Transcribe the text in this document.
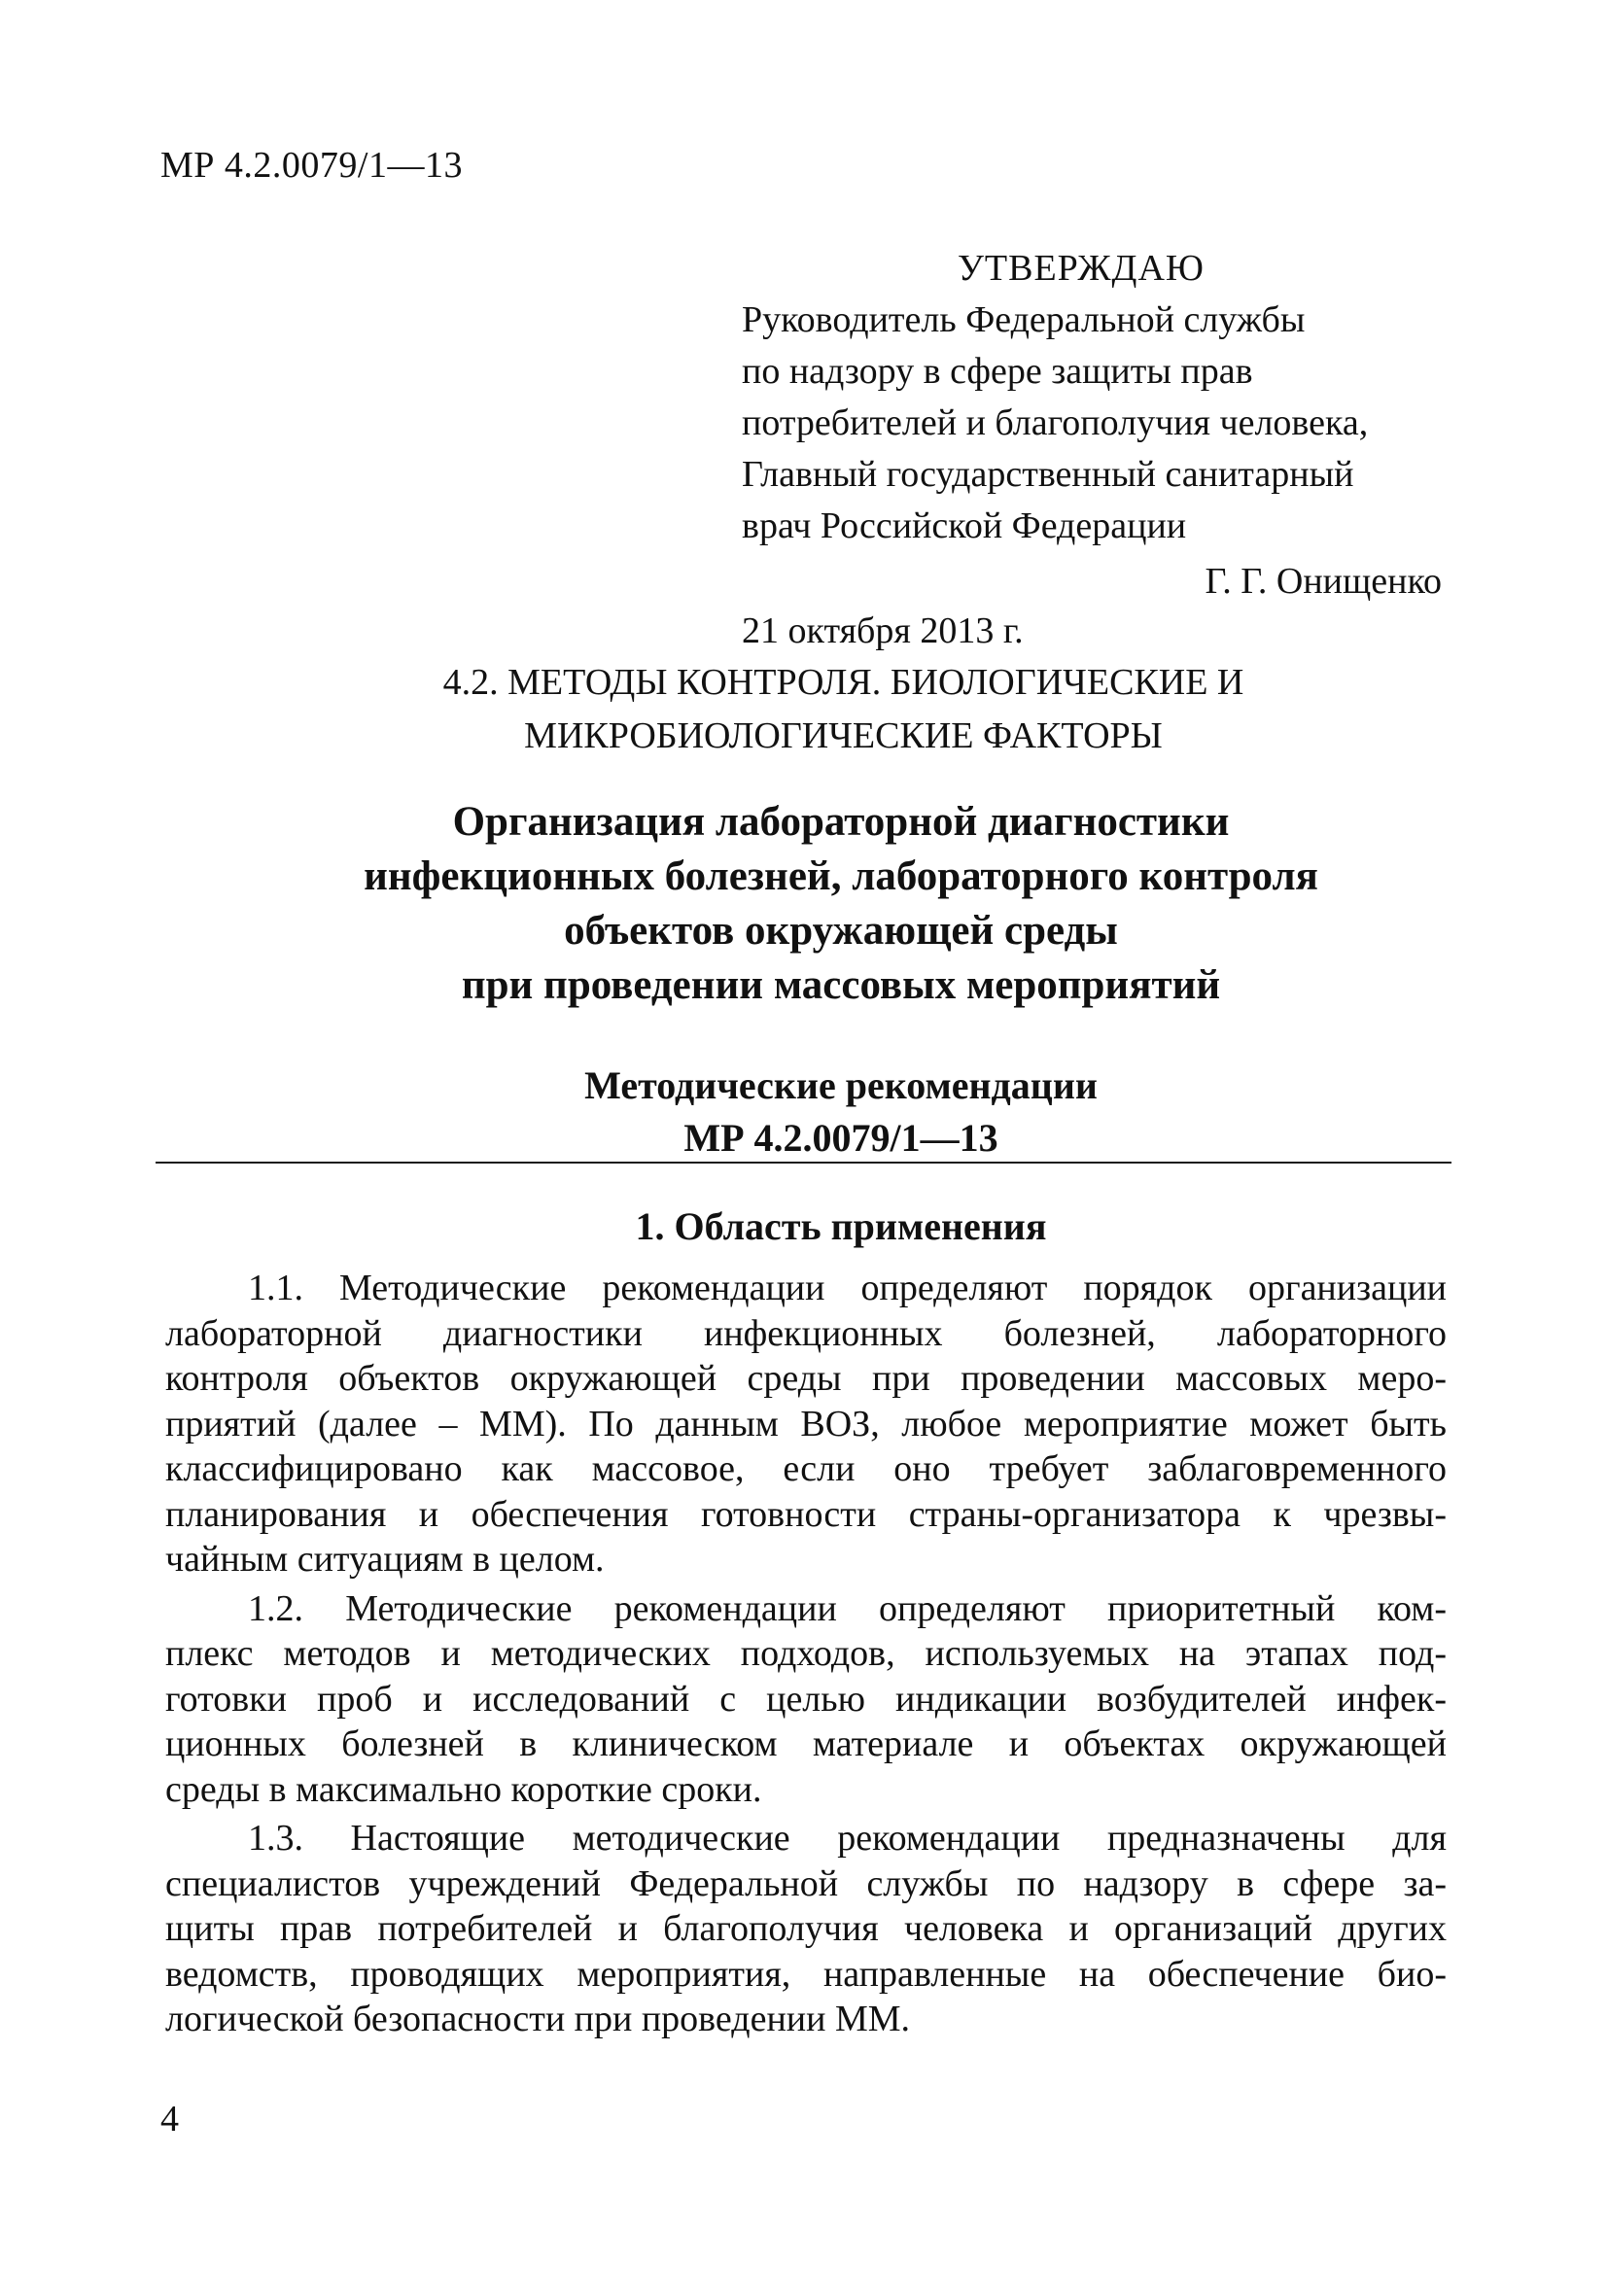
МР 4.2.0079/1—13
УТВЕРЖДАЮ
Руководитель Федеральной службы
по надзору в сфере защиты прав
потребителей и благополучия человека,
Главный государственный санитарный
врач Российской Федерации
Г. Г. Онищенко
21 октября 2013 г.
4.2. МЕТОДЫ КОНТРОЛЯ. БИОЛОГИЧЕСКИЕ И
МИКРОБИОЛОГИЧЕСКИЕ ФАКТОРЫ
Организация лабораторной диагностики
инфекционных болезней, лабораторного контроля
объектов окружающей среды
при проведении массовых мероприятий
Методические рекомендации
МР 4.2.0079/1—13
1. Область применения
1.1. Методические рекомендации определяют порядок организации
лабораторной диагностики инфекционных болезней, лабораторного
контроля объектов окружающей среды при проведении массовых меро-
приятий (далее – ММ). По данным ВОЗ, любое мероприятие может быть
классифицировано как массовое, если оно требует заблаговременного
планирования и обеспечения готовности страны-организатора к чрезвы-
чайным ситуациям в целом.
1.2. Методические рекомендации определяют приоритетный ком-
плекс методов и методических подходов, используемых на этапах под-
готовки проб и исследований с целью индикации возбудителей инфек-
ционных болезней в клиническом материале и объектах окружающей
среды в максимально короткие сроки.
1.3. Настоящие методические рекомендации предназначены для
специалистов учреждений Федеральной службы по надзору в сфере за-
щиты прав потребителей и благополучия человека и организаций других
ведомств, проводящих мероприятия, направленные на обеспечение био-
логической безопасности при проведении ММ.
4
